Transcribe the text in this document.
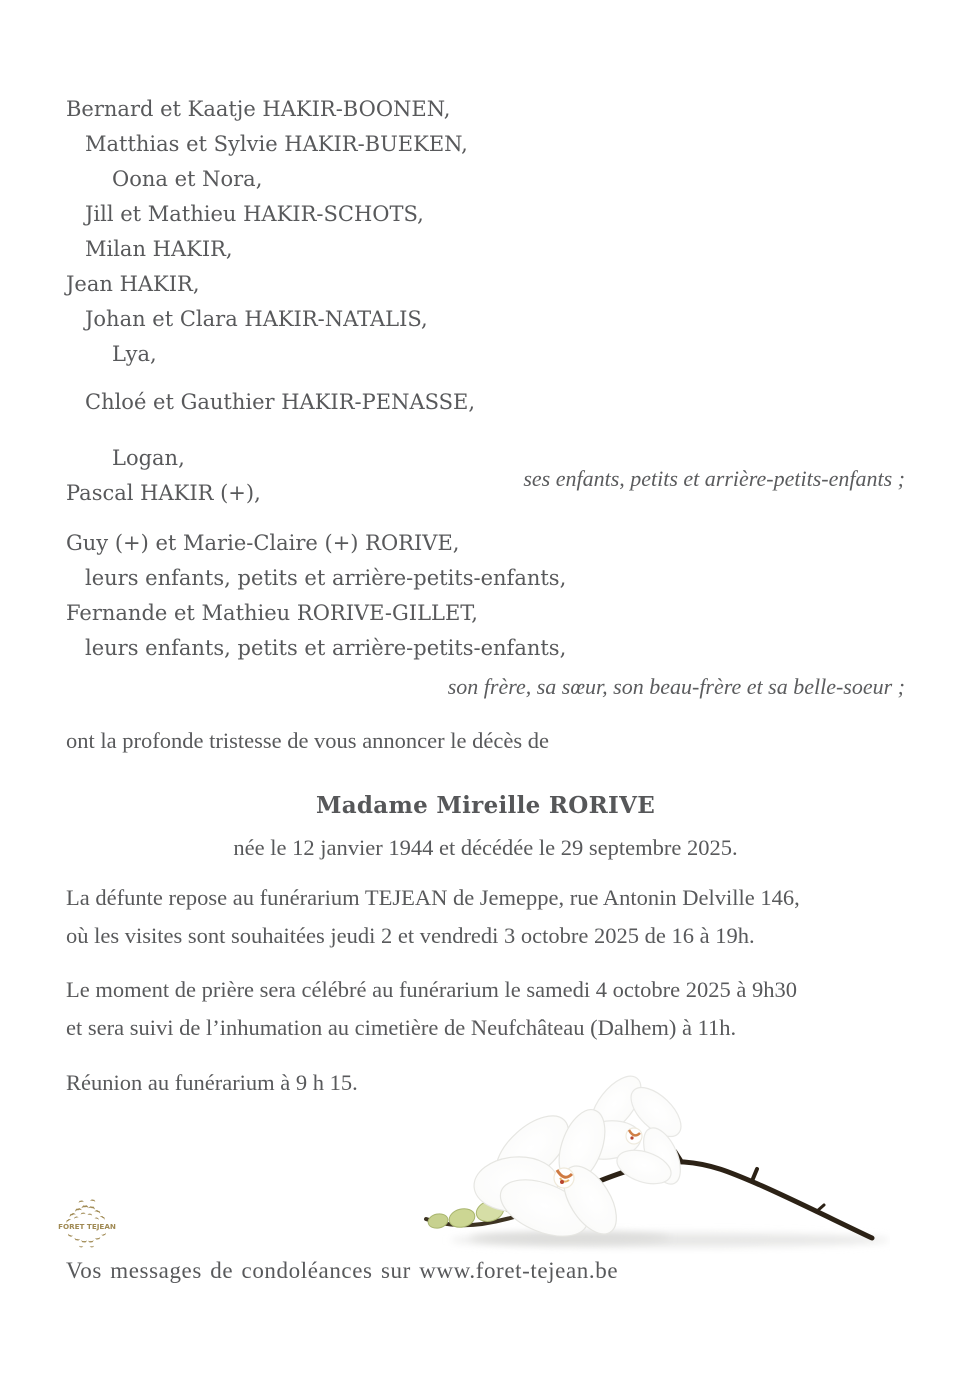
Bernard et Kaatje HAKIR-BOONEN,
Matthias et Sylvie HAKIR-BUEKEN,
Oona et Nora,
Jill et Mathieu HAKIR-SCHOTS,
Milan HAKIR,
Jean HAKIR,
Johan et Clara HAKIR-NATALIS,
Lya,
Chloé et Gauthier HAKIR-PENASSE,
Logan,
Pascal HAKIR (+),
ses enfants, petits et arrière-petits-enfants ;
Guy (+) et Marie-Claire (+) RORIVE,
leurs enfants, petits et arrière-petits-enfants,
Fernande et Mathieu RORIVE-GILLET,
leurs enfants, petits et arrière-petits-enfants,
son frère, sa sœur, son beau-frère et sa belle-soeur ;
ont la profonde tristesse de vous annoncer le décès de
Madame Mireille RORIVE
née le 12 janvier 1944 et décédée le 29 septembre 2025.
La défunte repose au funérarium TEJEAN de Jemeppe, rue Antonin Delville 146,
où les visites sont souhaitées jeudi 2 et vendredi 3 octobre 2025 de 16 à 19h.
Le moment de prière sera célébré au funérarium le samedi 4 octobre 2025 à 9h30
et sera suivi de l’inhumation au cimetière de Neufchâteau (Dalhem) à 11h.
Réunion au funérarium à 9 h 15.
FORET TEJEAN
Vos messages de condoléances sur www.foret-tejean.be
